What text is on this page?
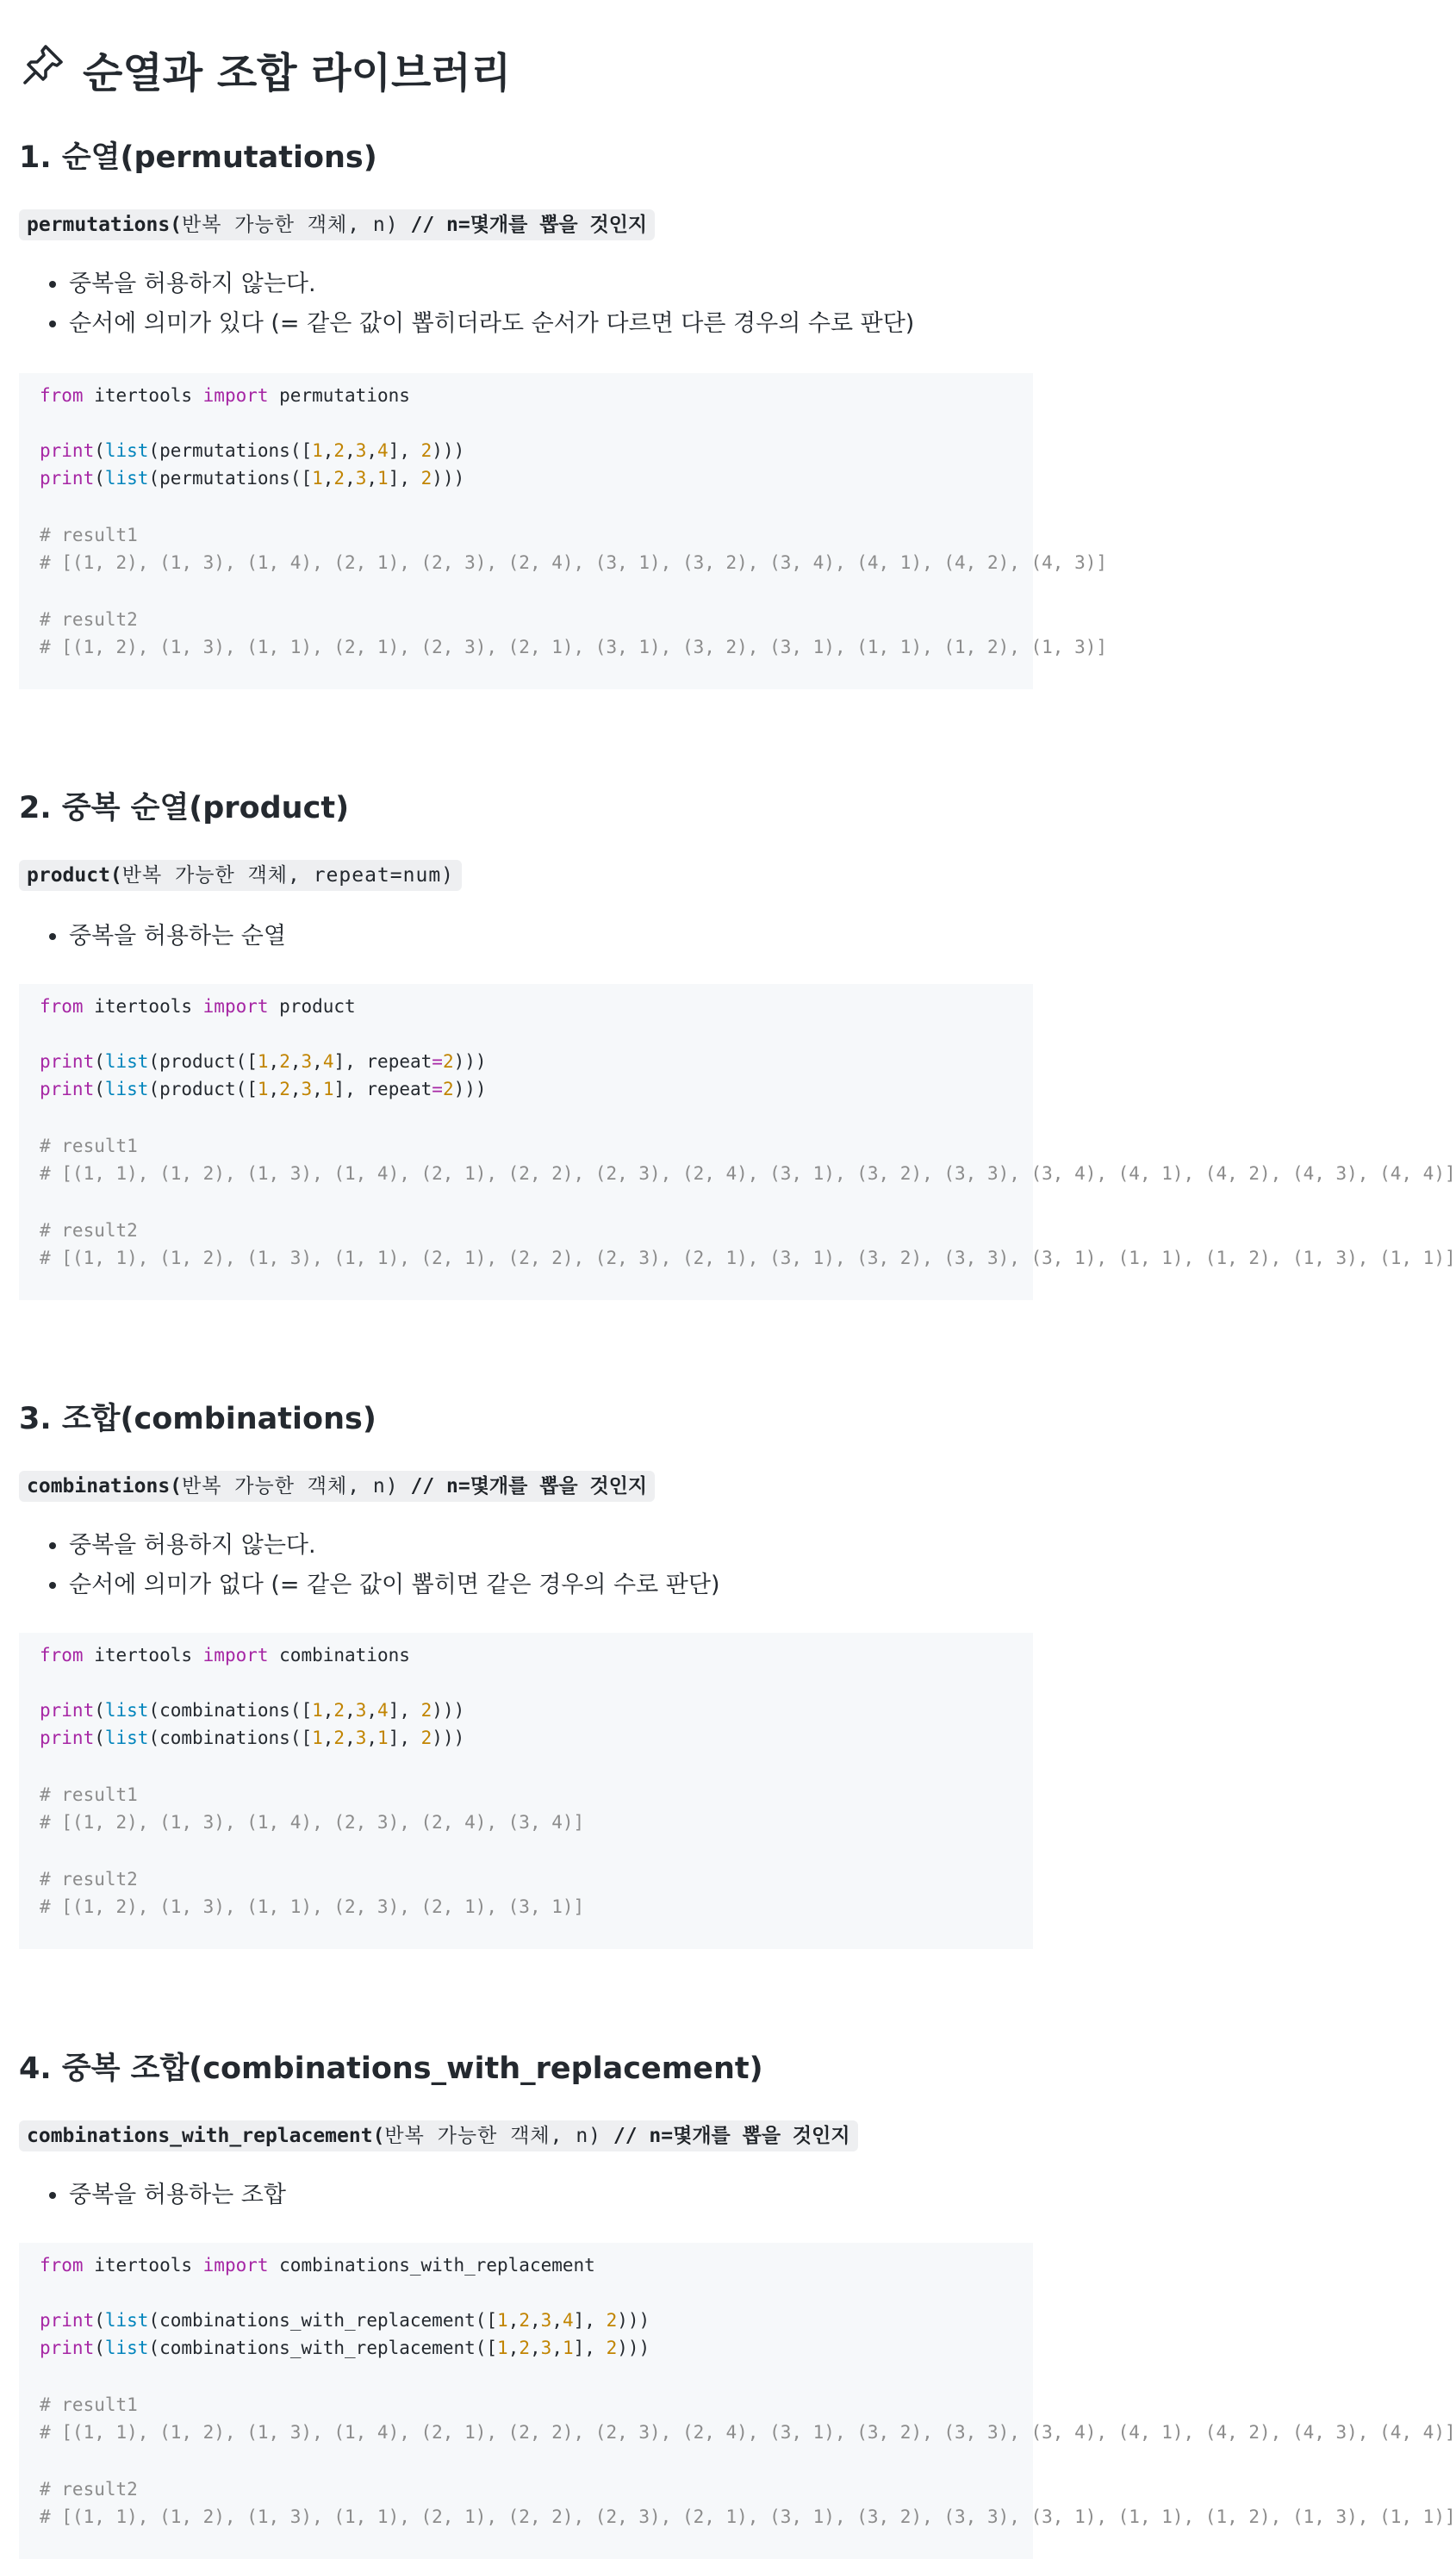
순열과 조합 라이브러리
1. 순열(permutations)
permutations(반복 가능한 객체, n) // n=몇개를 뽑을 것인지
• 중복을 허용하지 않는다.
• 순서에 의미가 있다 (= 같은 값이 뽑히더라도 순서가 다르면 다른 경우의 수로 판단)
from itertools import permutations
print(list(permutations([1,2,3,4], 2)))
print(list(permutations([1,2,3,1], 2)))
# result1
# [(1, 2), (1, 3), (1, 4), (2, 1), (2, 3), (2, 4), (3, 1), (3, 2), (3, 4), (4, 1), (4, 2), (4, 3)]
# result2
# [(1, 2), (1, 3), (1, 1), (2, 1), (2, 3), (2, 1), (3, 1), (3, 2), (3, 1), (1, 1), (1, 2), (1, 3)]
2. 중복 순열(product)
product(반복 가능한 객체, repeat=num)
• 중복을 허용하는 순열
from itertools import product
print(list(product([1,2,3,4], repeat=2)))
print(list(product([1,2,3,1], repeat=2)))
# result1
# [(1, 1), (1, 2), (1, 3), (1, 4), (2, 1), (2, 2), (2, 3), (2, 4), (3, 1), (3, 2), (3, 3), (3, 4), (4, 1), (4, 2), (4, 3), (4, 4)]
# result2
# [(1, 1), (1, 2), (1, 3), (1, 1), (2, 1), (2, 2), (2, 3), (2, 1), (3, 1), (3, 2), (3, 3), (3, 1), (1, 1), (1, 2), (1, 3), (1, 1)]
3. 조합(combinations)
combinations(반복 가능한 객체, n) // n=몇개를 뽑을 것인지
• 중복을 허용하지 않는다.
• 순서에 의미가 없다 (= 같은 값이 뽑히면 같은 경우의 수로 판단)
from itertools import combinations
print(list(combinations([1,2,3,4], 2)))
print(list(combinations([1,2,3,1], 2)))
# result1
# [(1, 2), (1, 3), (1, 4), (2, 3), (2, 4), (3, 4)]
# result2
# [(1, 2), (1, 3), (1, 1), (2, 3), (2, 1), (3, 1)]
4. 중복 조합(combinations_with_replacement)
combinations_with_replacement(반복 가능한 객체, n) // n=몇개를 뽑을 것인지
• 중복을 허용하는 조합
from itertools import combinations_with_replacement
print(list(combinations_with_replacement([1,2,3,4], 2)))
print(list(combinations_with_replacement([1,2,3,1], 2)))
# result1
# [(1, 1), (1, 2), (1, 3), (1, 4), (2, 1), (2, 2), (2, 3), (2, 4), (3, 1), (3, 2), (3, 3), (3, 4), (4, 1), (4, 2), (4, 3), (4, 4)]
# result2
# [(1, 1), (1, 2), (1, 3), (1, 1), (2, 1), (2, 2), (2, 3), (2, 1), (3, 1), (3, 2), (3, 3), (3, 1), (1, 1), (1, 2), (1, 3), (1, 1)]
